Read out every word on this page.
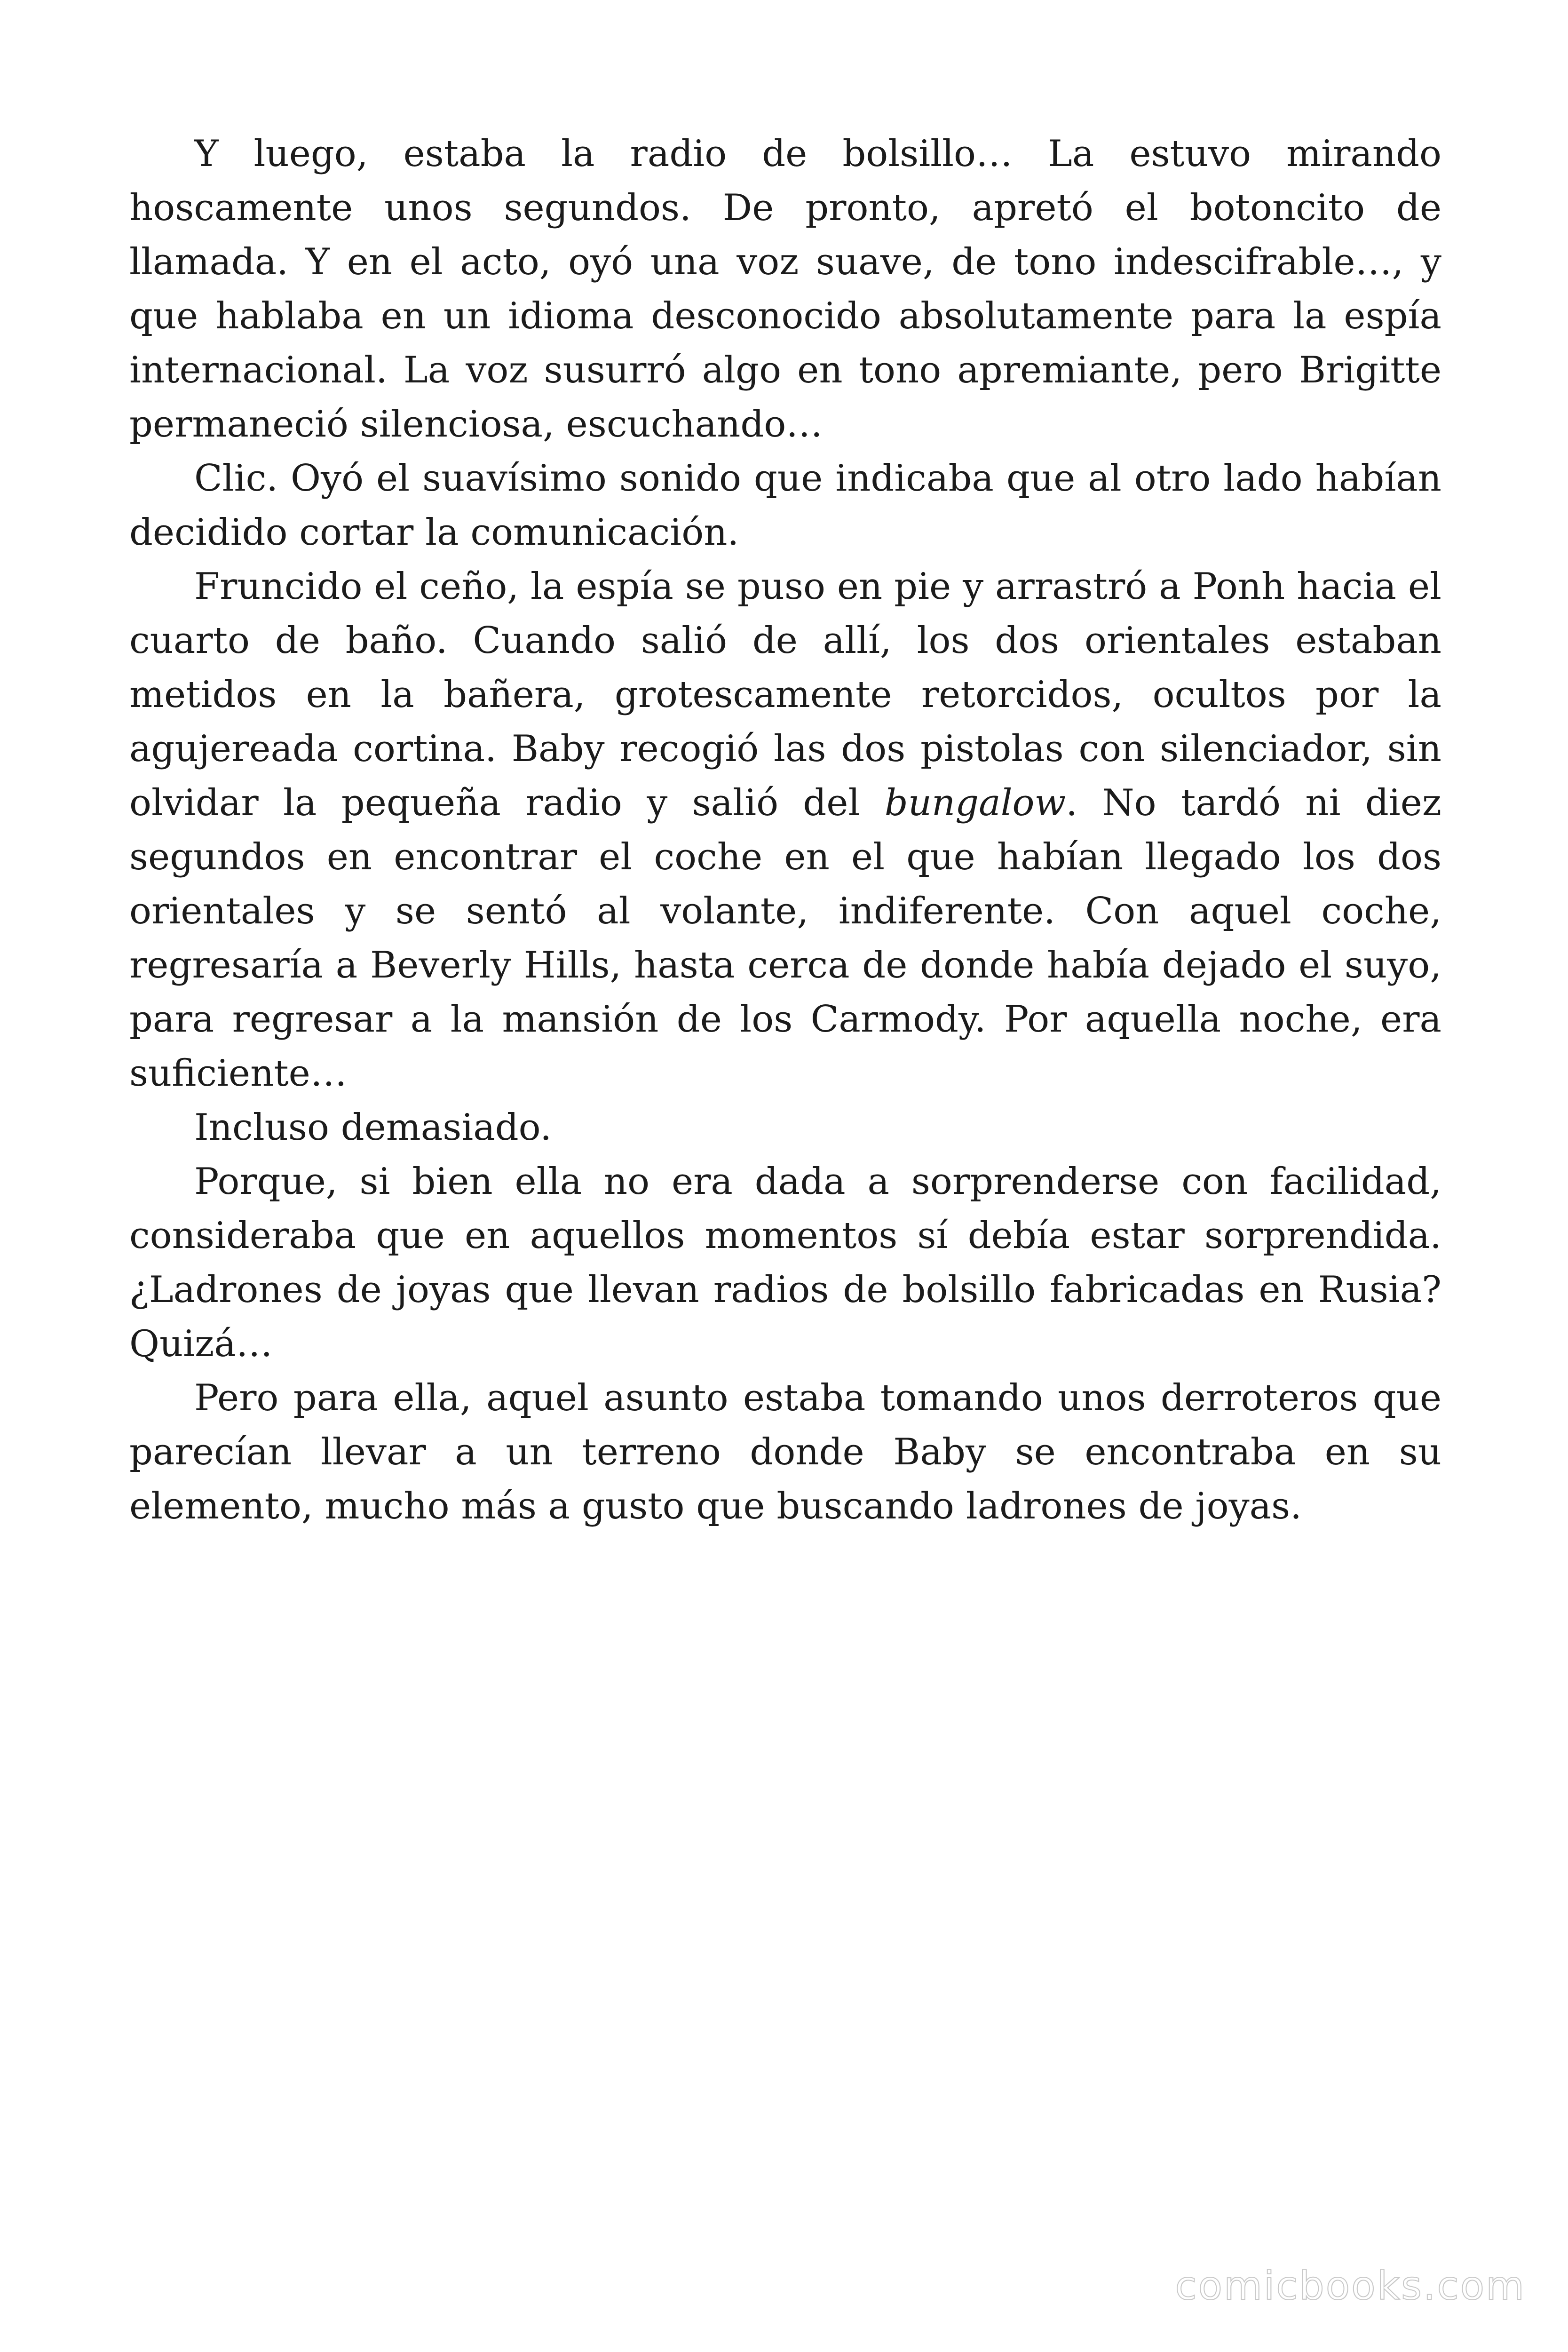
Y luego, estaba la radio de bolsillo… La estuvo mirando hoscamente unos segundos. De pronto, apretó el botoncito de llamada. Y en el acto, oyó una voz suave, de tono indescifrable…, y que hablaba en un idioma desconocido absolutamente para la espía internacional. La voz susurró algo en tono apremiante, pero Brigitte permaneció silenciosa, escuchando…

Clic. Oyó el suavísimo sonido que indicaba que al otro lado habían decidido cortar la comunicación.

Fruncido el ceño, la espía se puso en pie y arrastró a Ponh hacia el cuarto de baño. Cuando salió de allí, los dos orientales estaban metidos en la bañera, grotescamente retorcidos, ocultos por la agujereada cortina. Baby recogió las dos pistolas con silenciador, sin olvidar la pequeña radio y salió del bungalow. No tardó ni diez segundos en encontrar el coche en el que habían llegado los dos orientales y se sentó al volante, indiferente. Con aquel coche, regresaría a Beverly Hills, hasta cerca de donde había dejado el suyo, para regresar a la mansión de los Carmody. Por aquella noche, era suficiente…

Incluso demasiado.

Porque, si bien ella no era dada a sorprenderse con facilidad, consideraba que en aquellos momentos sí debía estar sorprendida. ¿Ladrones de joyas que llevan radios de bolsillo fabricadas en Rusia? Quizá…

Pero para ella, aquel asunto estaba tomando unos derroteros que parecían llevar a un terreno donde Baby se encontraba en su elemento, mucho más a gusto que buscando ladrones de joyas.

comicbooks.com
